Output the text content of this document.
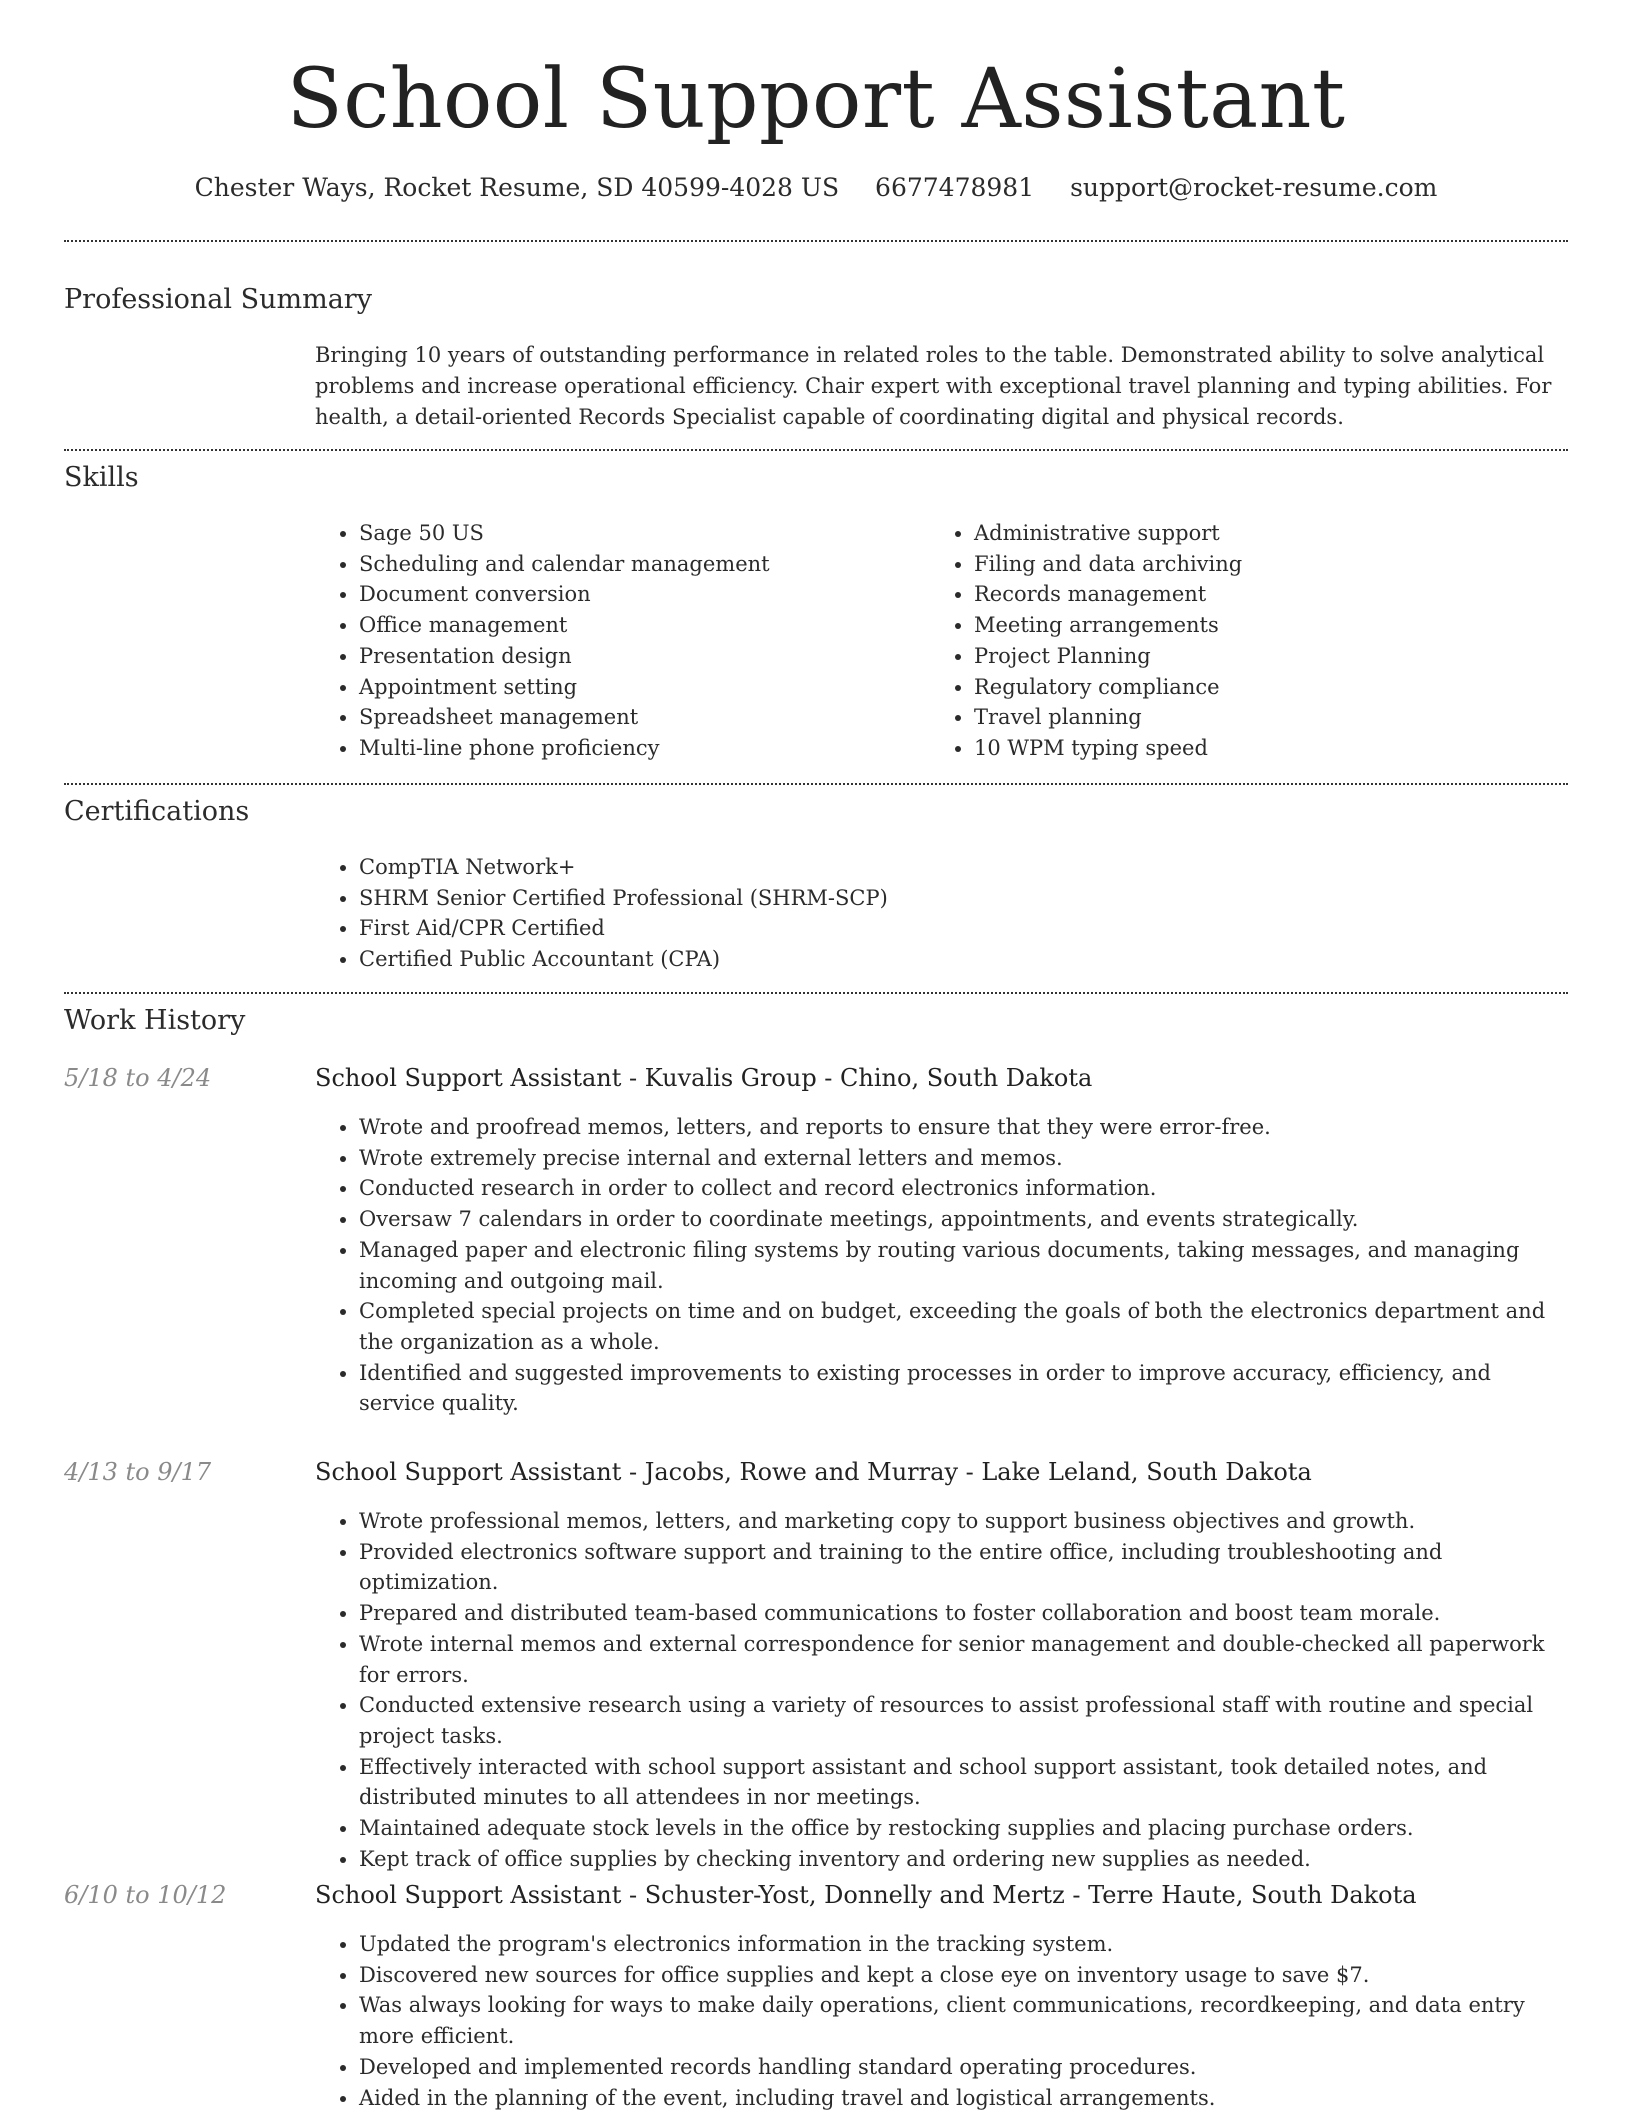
School Support Assistant
Chester Ways, Rocket Resume, SD 40599-4028 US 6677478981 support@rocket-resume.com
Professional Summary

Bringing 10 years of outstanding performance in related roles to the table. Demonstrated ability to solve analytical problems and increase operational efficiency. Chair expert with exceptional travel planning and typing abilities. For health, a detail-oriented Records Specialist capable of coordinating digital and physical records.

Skills
• Sage 50 US
• Scheduling and calendar management
• Document conversion
• Office management
• Presentation design
• Appointment setting
• Spreadsheet management
• Multi-line phone proficiency
• Administrative support
• Filing and data archiving
• Records management
• Meeting arrangements
• Project Planning
• Regulatory compliance
• Travel planning
• 10 WPM typing speed
Certifications
• CompTIA Network+
• SHRM Senior Certified Professional (SHRM-SCP)
• First Aid/CPR Certified
• Certified Public Accountant (CPA)
Work History
5/18 to 4/24	School Support Assistant - Kuvalis Group - Chino, South Dakota
• Wrote and proofread memos, letters, and reports to ensure that they were error-free.
• Wrote extremely precise internal and external letters and memos.
• Conducted research in order to collect and record electronics information.
• Oversaw 7 calendars in order to coordinate meetings, appointments, and events strategically.
• Managed paper and electronic filing systems by routing various documents, taking messages, and managing incoming and outgoing mail.
• Completed special projects on time and on budget, exceeding the goals of both the electronics department and the organization as a whole.
• Identified and suggested improvements to existing processes in order to improve accuracy, efficiency, and service quality.
4/13 to 9/17	School Support Assistant - Jacobs, Rowe and Murray - Lake Leland, South Dakota
• Wrote professional memos, letters, and marketing copy to support business objectives and growth.
• Provided electronics software support and training to the entire office, including troubleshooting and optimization.
• Prepared and distributed team-based communications to foster collaboration and boost team morale.
• Wrote internal memos and external correspondence for senior management and double-checked all paperwork for errors.
• Conducted extensive research using a variety of resources to assist professional staff with routine and special project tasks.
• Effectively interacted with school support assistant and school support assistant, took detailed notes, and distributed minutes to all attendees in nor meetings.
• Maintained adequate stock levels in the office by restocking supplies and placing purchase orders.
• Kept track of office supplies by checking inventory and ordering new supplies as needed.
6/10 to 10/12	School Support Assistant - Schuster-Yost, Donnelly and Mertz - Terre Haute, South Dakota
• Updated the program's electronics information in the tracking system.
• Discovered new sources for office supplies and kept a close eye on inventory usage to save $7.
• Was always looking for ways to make daily operations, client communications, recordkeeping, and data entry more efficient.
• Developed and implemented records handling standard operating procedures.
• Aided in the planning of the event, including travel and logistical arrangements.
